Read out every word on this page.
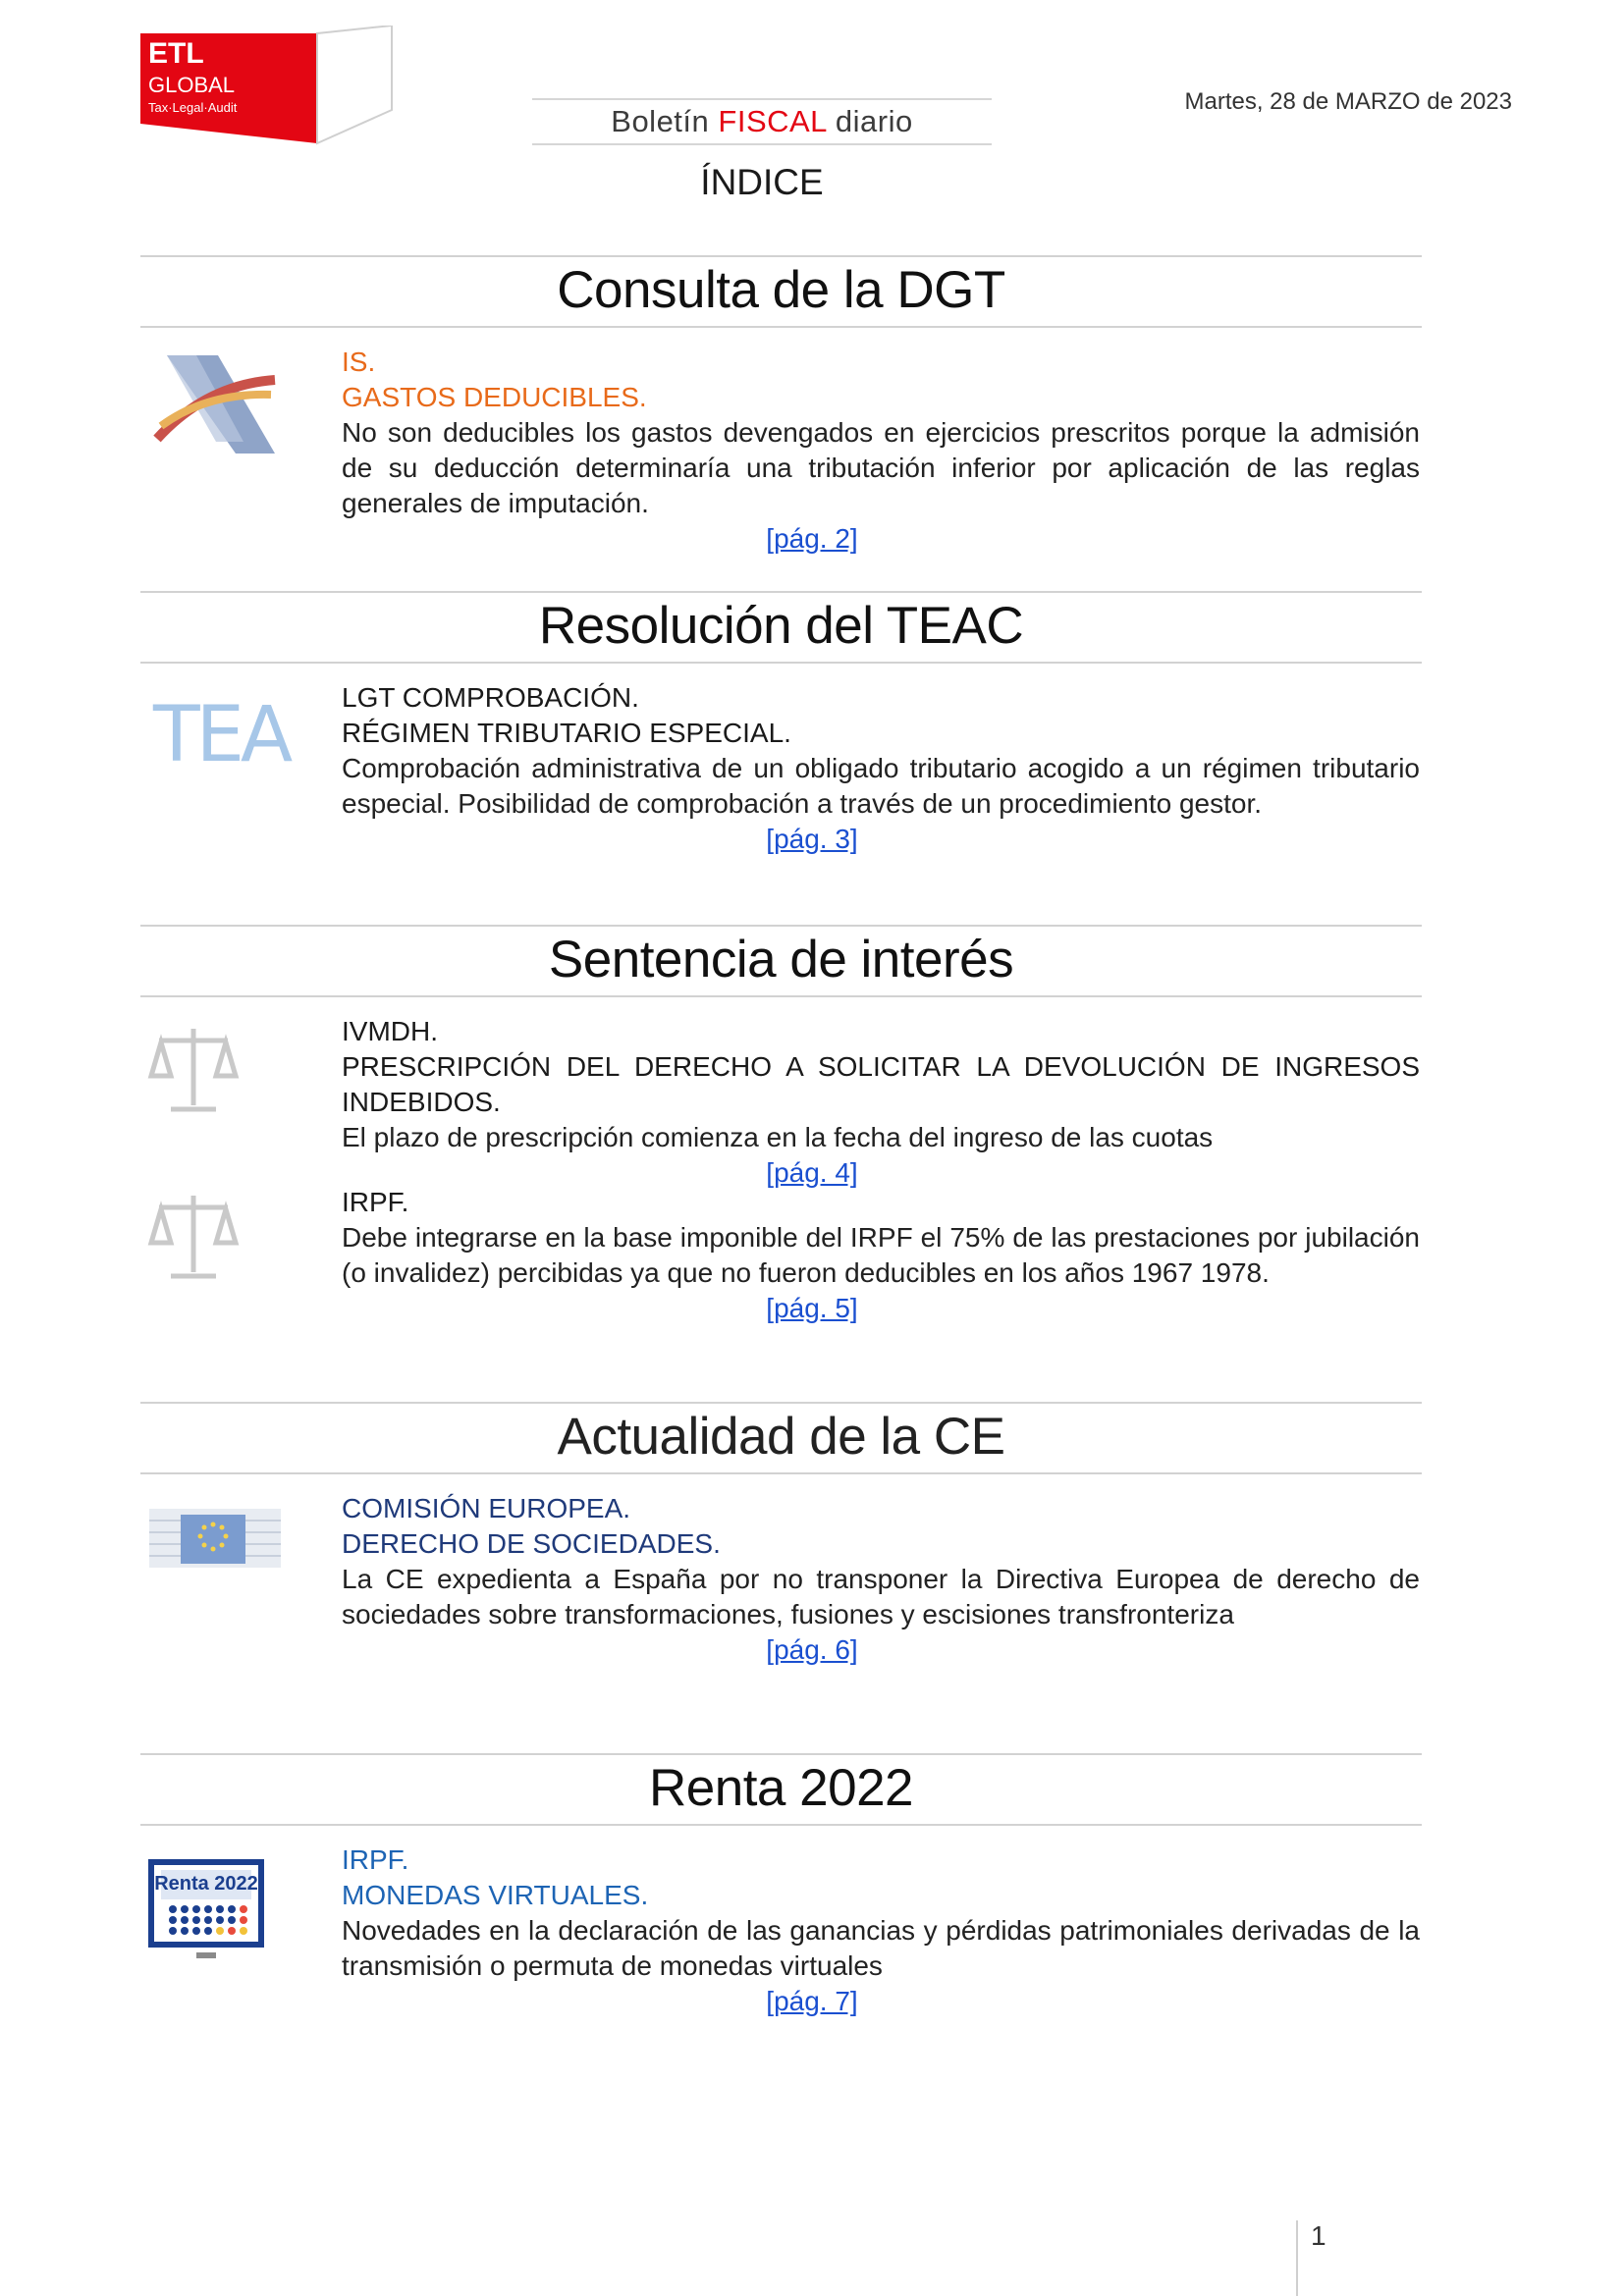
ETL
GLOBAL
Tax·Legal·Audit	Boletín FISCAL diario
Martes, 28 de MARZO de 2023
ÍNDICE
Consulta de la DGT
IS.
GASTOS DEDUCIBLES.
No son deducibles los gastos devengados en ejercicios prescritos porque la admisión de su deducción determinaría una tributación inferior por aplicación de las reglas generales de imputación.
[pág. 2]
Resolución del TEAC
TEA LGT COMPROBACIÓN.
RÉGIMEN TRIBUTARIO ESPECIAL.
Comprobación administrativa de un obligado tributario acogido a un régimen tributario especial. Posibilidad de comprobación a través de un procedimiento gestor.
[pág. 3]
Sentencia de interés
IVMDH.
PRESCRIPCIÓN DEL DERECHO A SOLICITAR LA DEVOLUCIÓN DE INGRESOS INDEBIDOS.
El plazo de prescripción comienza en la fecha del ingreso de las cuotas
[pág. 4]
IRPF.
Debe integrarse en la base imponible del IRPF el 75% de las prestaciones por jubilación (o invalidez) percibidas ya que no fueron deducibles en los años 1967 1978.
[pág. 5]
Actualidad de la CE
COMISIÓN EUROPEA.
DERECHO DE SOCIEDADES.
La CE expedienta a España por no transponer la Directiva Europea de derecho de sociedades sobre transformaciones, fusiones y escisiones transfronteriza
[pág. 6]
Renta 2022
Renta 2022
IRPF.
MONEDAS VIRTUALES.
Novedades en la declaración de las ganancias y pérdidas patrimoniales derivadas de la transmisión o permuta de monedas virtuales
[pág. 7]
1
